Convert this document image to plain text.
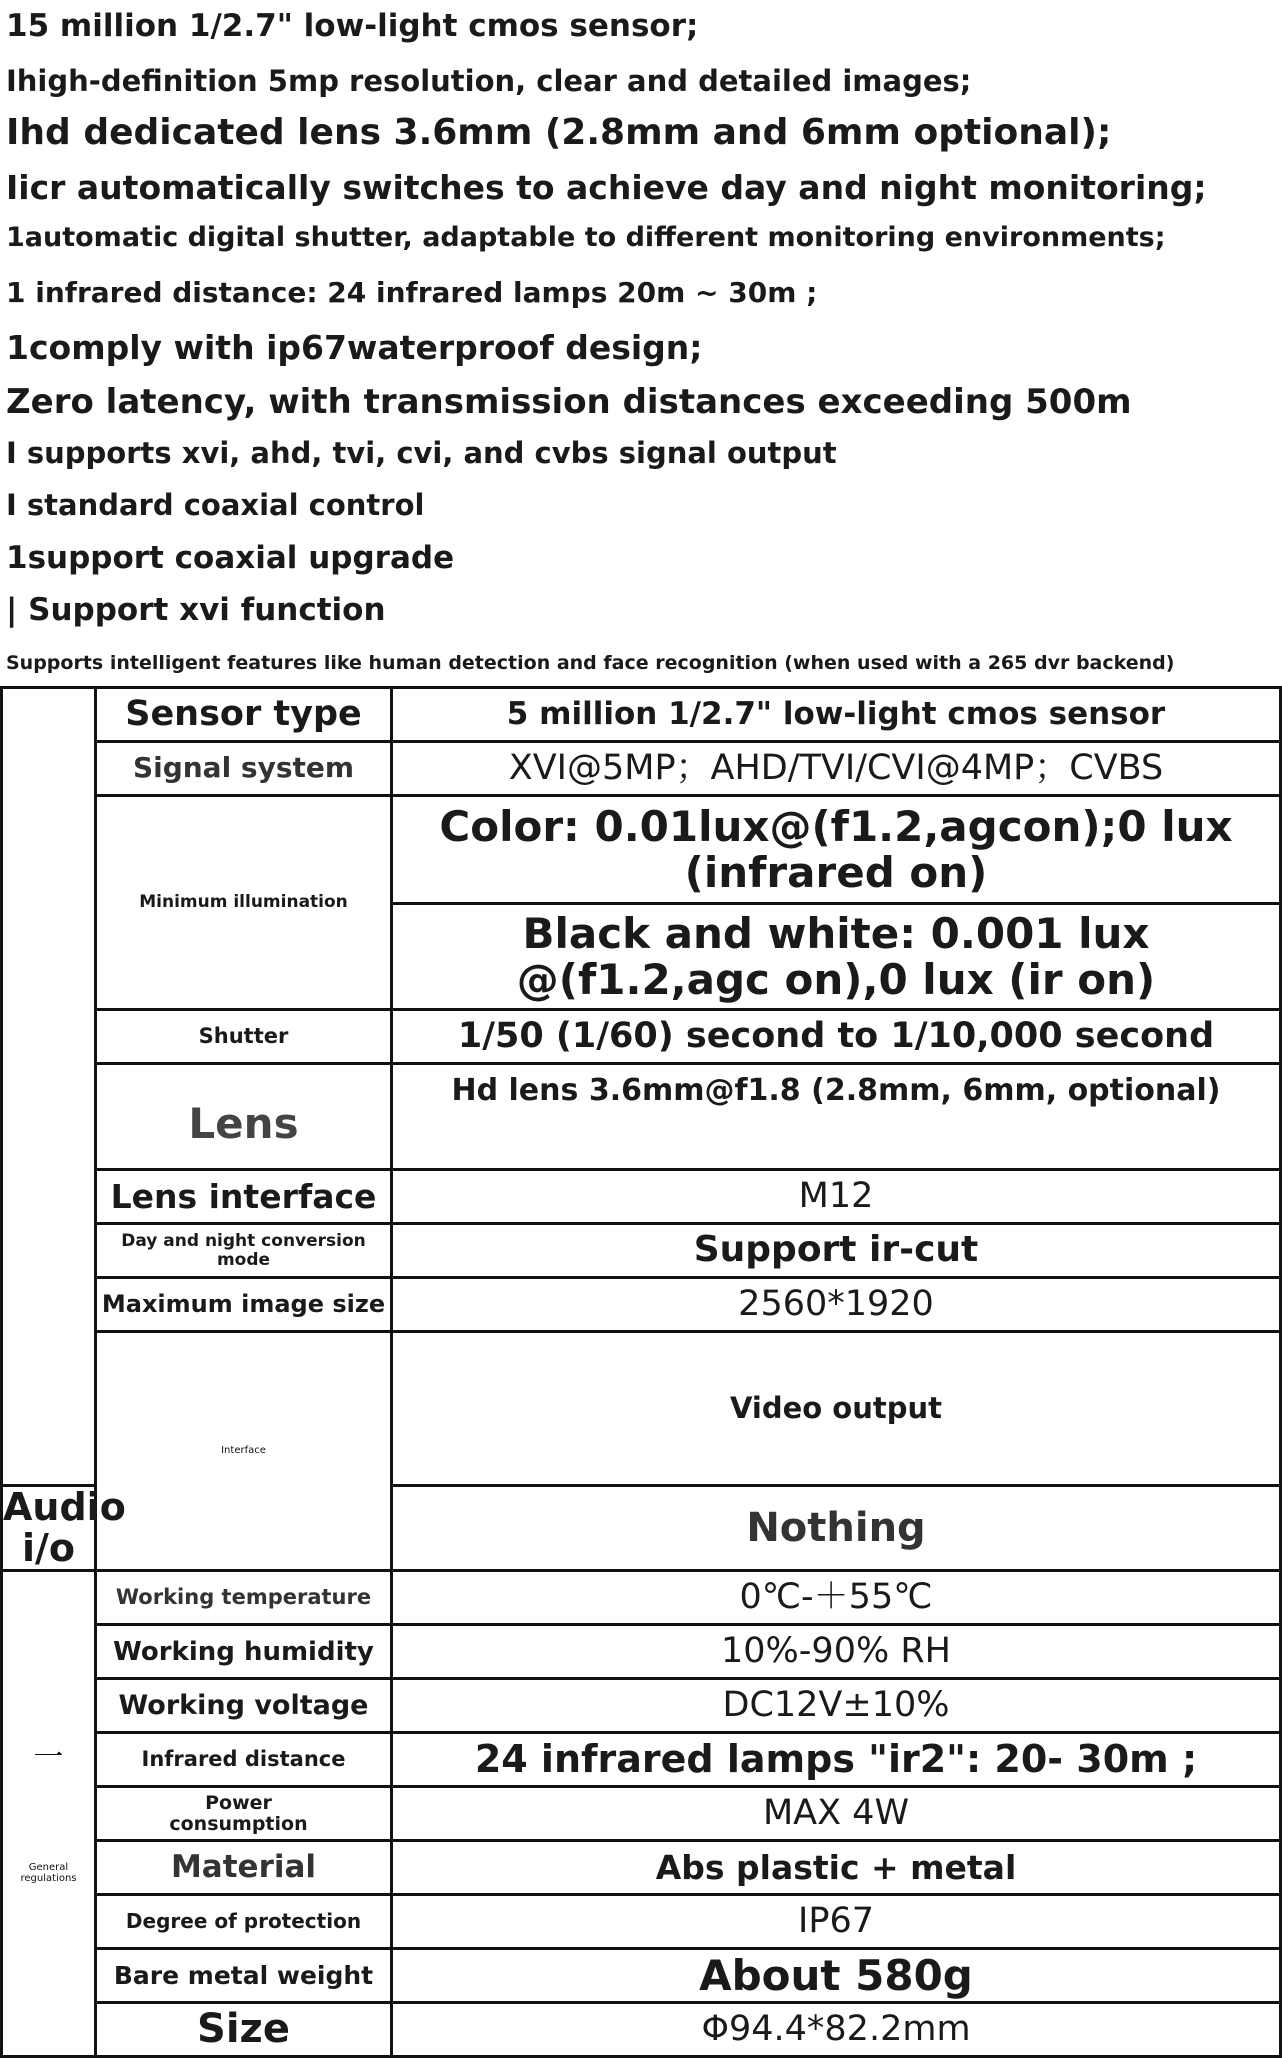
15 million 1/2.7" low-light cmos sensor;
Ihigh-definition 5mp resolution, clear and detailed images;
Ihd dedicated lens 3.6mm (2.8mm and 6mm optional);
Iicr automatically switches to achieve day and night monitoring;
1automatic digital shutter, adaptable to different monitoring environments;
1 infrared distance: 24 infrared lamps 20m ~ 30m ;
1comply with ip67waterproof design;
Zero latency, with transmission distances exceeding 500m
I supports xvi, ahd, tvi, cvi, and cvbs signal output
I standard coaxial control
1support coaxial upgrade
| Support xvi function
Supports intelligent features like human detection and face recognition (when used with a 265 dvr backend)
	Sensor type	5 million 1/2.7" low-light cmos sensor	
	Signal system	XVI@5MP；AHD/TVI/CVI@4MP；CVBS	
	Minimum illumination	Color: 0.01lux@(f1.2,agcon);0 lux (infrared on)	
		Black and white: 0.001 lux @(f1.2,agc on),0 lux (ir on)	
	Shutter	1/50 (1/60) second to 1/10,000 second	
	Lens	Hd lens 3.6mm@f1.8 (2.8mm, 6mm, optional)	
	Lens interface	M12	
	Day and night conversion mode	Support ir-cut	
	Maximum image size	2560*1920	
	Interface	Video output	
Audio i/o		Nothing	

一
General regulations	Working temperature	0℃-＋55℃	
	Working humidity	10%-90% RH	
	Working voltage	DC12V±10%	
	Infrared distance	24 infrared lamps "ir2": 20- 30m ;	
	Power consumption	MAX 4W	
	Material	Abs plastic + metal	
	Degree of protection	IP67	
	Bare metal weight	About 580g	
	Size	Φ94.4*82.2mm	
